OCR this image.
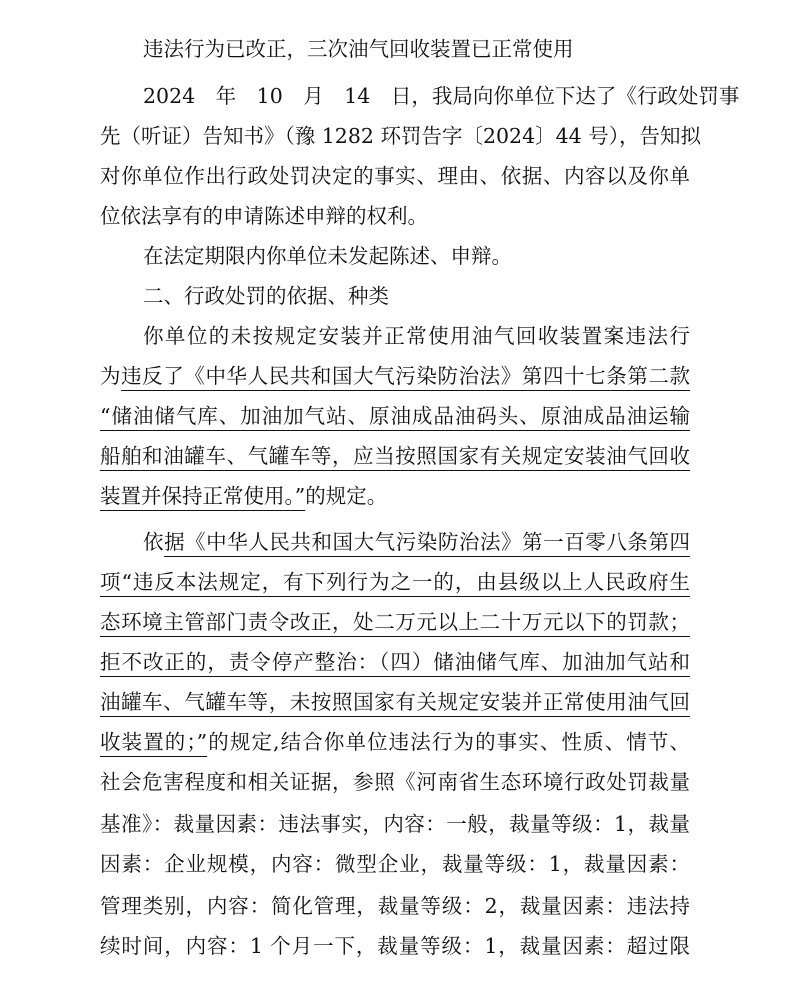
违法行为已改正，三次油气回收装置已正常使用
2024　年　10　月　14　日，我局向你单位下达了《行政处罚事
先（听证）告知书》（豫 1282 环罚告字〔2024〕44 号），告知拟
对你单位作出行政处罚决定的事实、理由、依据、内容以及你单
位依法享有的申请陈述申辩的权利。
在法定期限内你单位未发起陈述、申辩。
二、行政处罚的依据、种类
你单位的未按规定安装并正常使用油气回收装置案违法行
为违反了《中华人民共和国大气污染防治法》第四十七条第二款
“储油储气库、加油加气站、原油成品油码头、原油成品油运输
船舶和油罐车、气罐车等，应当按照国家有关规定安装油气回收
装置并保持正常使用。”的规定。
依据《中华人民共和国大气污染防治法》第一百零八条第四
项“违反本法规定，有下列行为之一的，由县级以上人民政府生
态环境主管部门责令改正，处二万元以上二十万元以下的罚款；
拒不改正的，责令停产整治：（四）储油储气库、加油加气站和
油罐车、气罐车等，未按照国家有关规定安装并正常使用油气回
收装置的；”的规定,结合你单位违法行为的事实、性质、情节、
社会危害程度和相关证据，参照《河南省生态环境行政处罚裁量
基准》：裁量因素：违法事实，内容：一般，裁量等级：1，裁量
因素：企业规模，内容：微型企业，裁量等级：1，裁量因素：
管理类别，内容：简化管理，裁量等级：2，裁量因素：违法持
续时间，内容：1 个月一下，裁量等级：1，裁量因素：超过限
